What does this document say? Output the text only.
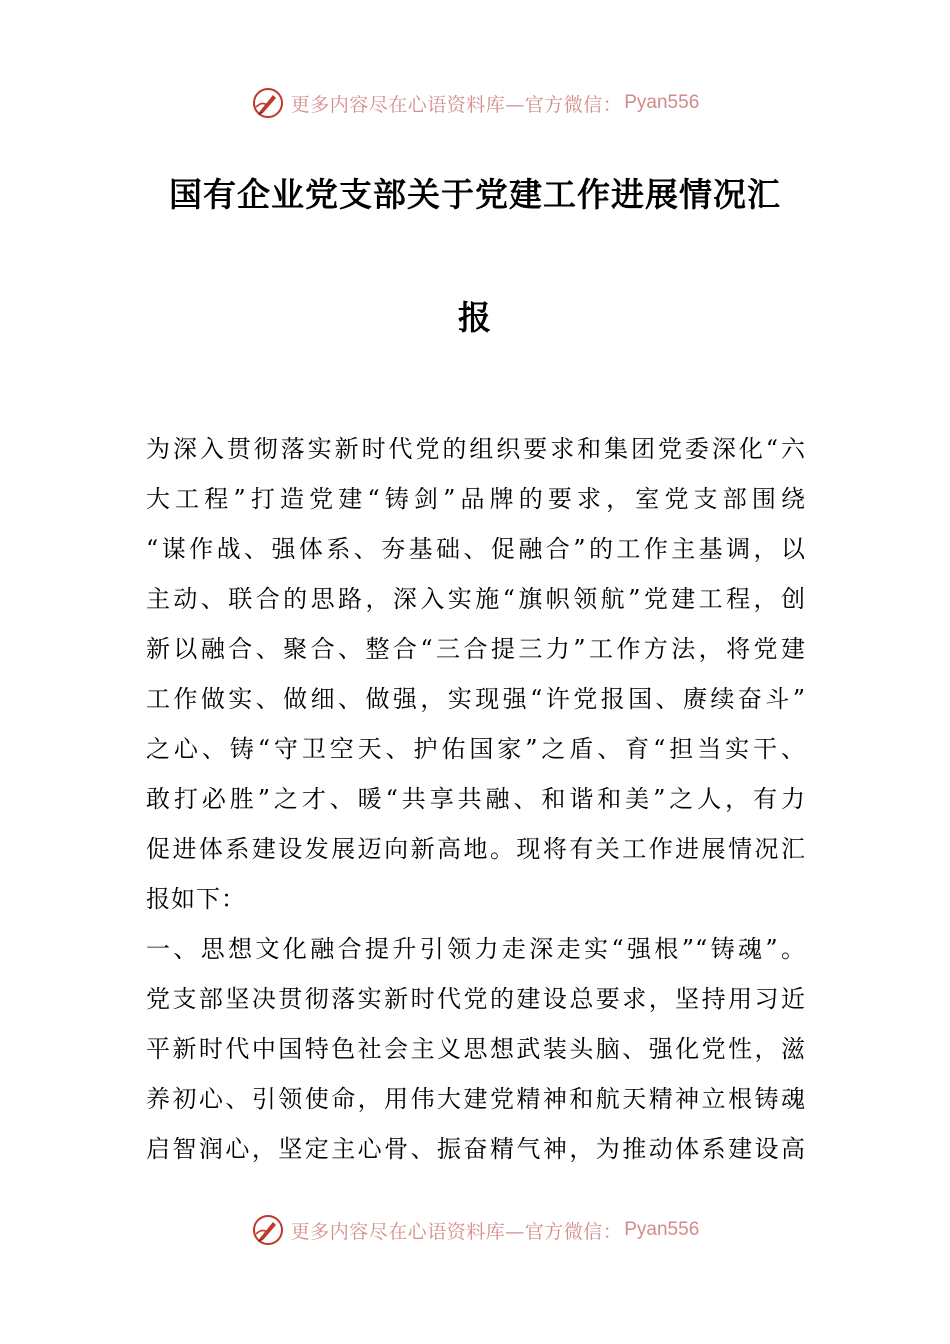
更多内容尽在心语资料库—官方微信： Pyan556
国有企业党支部关于党建工作进展情况汇
报
为深入贯彻落实新时代党的组织要求和集团党委深化“六
大工程”打造党建“铸剑”品牌的要求，室党支部围绕
“谋作战、强体系、夯基础、促融合”的工作主基调，以
主动、联合的思路，深入实施“旗帜领航”党建工程，创
新以融合、聚合、整合“三合提三力”工作方法，将党建
工作做实、做细、做强，实现强“许党报国、赓续奋斗”
之心、铸“守卫空天、护佑国家”之盾、育“担当实干、
敢打必胜”之才、暖“共享共融、和谐和美”之人，有力
促进体系建设发展迈向新高地。现将有关工作进展情况汇
报如下：
一、思想文化融合提升引领力走深走实“强根”“铸魂”。
党支部坚决贯彻落实新时代党的建设总要求，坚持用习近
平新时代中国特色社会主义思想武装头脑、强化党性，滋
养初心、引领使命，用伟大建党精神和航天精神立根铸魂
启智润心，坚定主心骨、振奋精气神，为推动体系建设高
更多内容尽在心语资料库—官方微信： Pyan556
